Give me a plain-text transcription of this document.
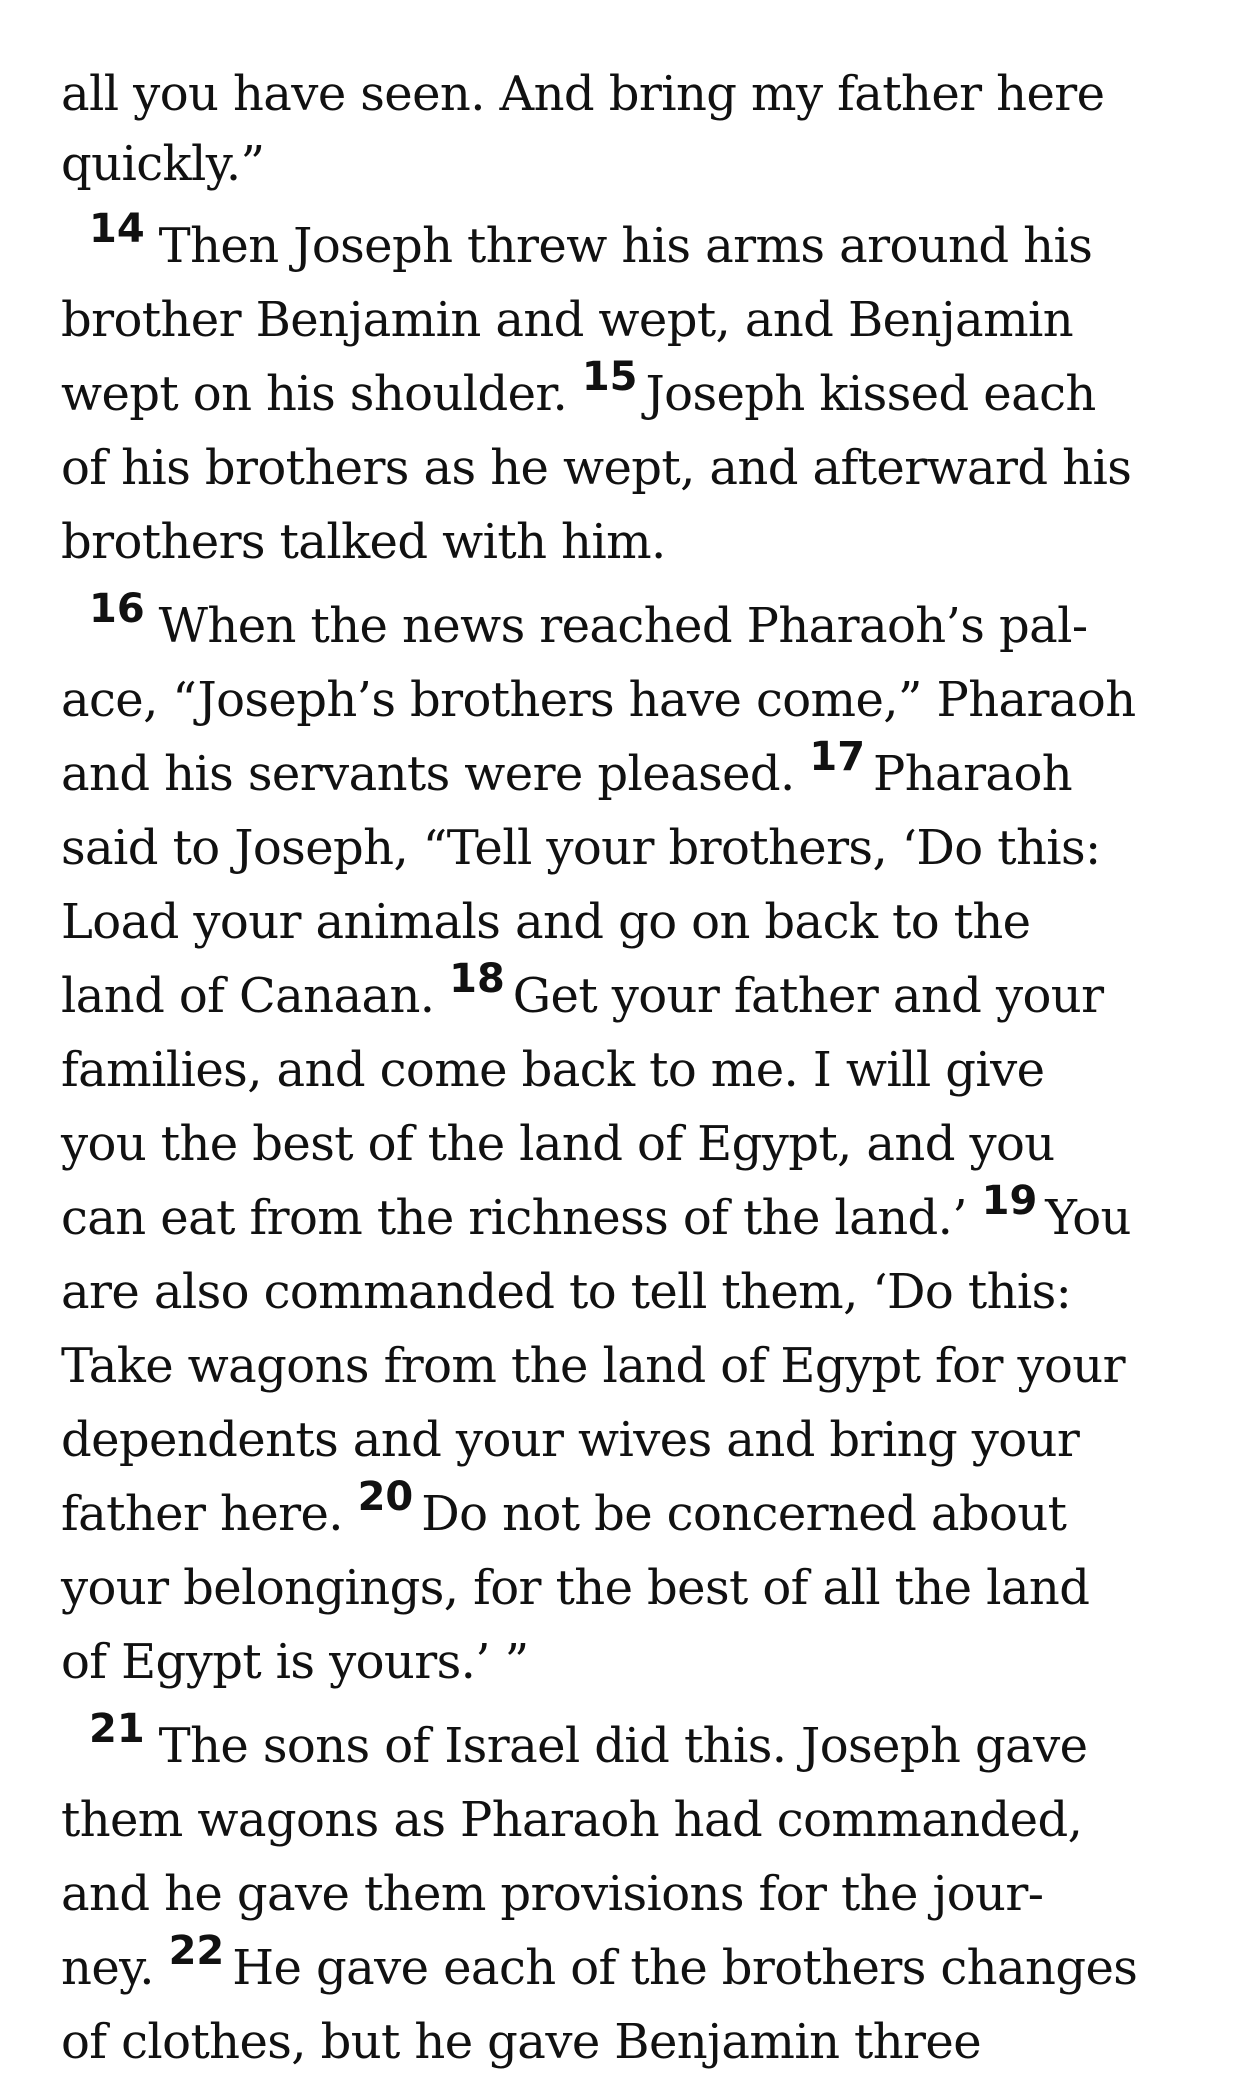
all you have seen. And bring my father here
quickly.”
$^{14}$ Then Joseph threw his arms around his
brother Benjamin and wept, and Benjamin
wept on his shoulder. $^{15}$ Joseph kissed each
of his brothers as he wept, and afterward his
brothers talked with him.
$^{16}$ When the news reached Pharaoh’s pal-
ace, “Joseph’s brothers have come,” Pharaoh
and his servants were pleased. $^{17}$ Pharaoh
said to Joseph, “Tell your brothers, ‘Do this:
Load your animals and go on back to the
land of Canaan. $^{18}$ Get your father and your
families, and come back to me. I will give
you the best of the land of Egypt, and you
can eat from the richness of the land.’ $^{19}$ You
are also commanded to tell them, ‘Do this:
Take wagons from the land of Egypt for your
dependents and your wives and bring your
father here. $^{20}$ Do not be concerned about
your belongings, for the best of all the land
of Egypt is yours.’ ”
$^{21}$ The sons of Israel did this. Joseph gave
them wagons as Pharaoh had commanded,
and he gave them provisions for the jour-
ney. $^{22}$ He gave each of the brothers changes
of clothes, but he gave Benjamin three
